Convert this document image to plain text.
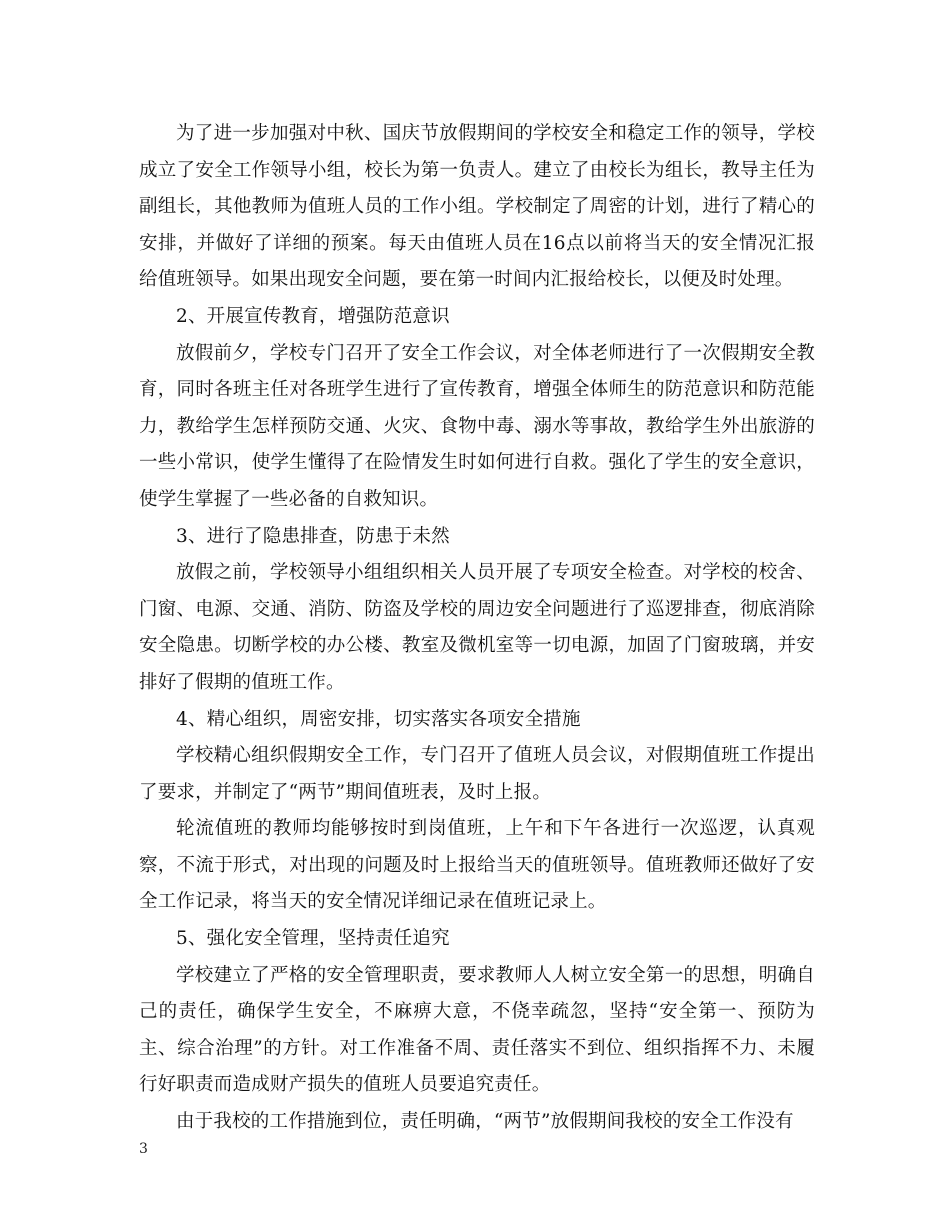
为了进一步加强对中秋、国庆节放假期间的学校安全和稳定工作的领导，学校成立了安全工作领导小组，校长为第一负责人。建立了由校长为组长，教导主任为副组长，其他教师为值班人员的工作小组。学校制定了周密的计划，进行了精心的安排，并做好了详细的预案。每天由值班人员在16点以前将当天的安全情况汇报给值班领导。如果出现安全问题，要在第一时间内汇报给校长，以便及时处理。

2、开展宣传教育，增强防范意识

放假前夕，学校专门召开了安全工作会议，对全体老师进行了一次假期安全教育，同时各班主任对各班学生进行了宣传教育，增强全体师生的防范意识和防范能力，教给学生怎样预防交通、火灾、食物中毒、溺水等事故，教给学生外出旅游的一些小常识，使学生懂得了在险情发生时如何进行自救。强化了学生的安全意识，使学生掌握了一些必备的自救知识。

3、进行了隐患排查，防患于未然

放假之前，学校领导小组组织相关人员开展了专项安全检查。对学校的校舍、门窗、电源、交通、消防、防盗及学校的周边安全问题进行了巡逻排查，彻底消除安全隐患。切断学校的办公楼、教室及微机室等一切电源，加固了门窗玻璃，并安排好了假期的值班工作。

4、精心组织，周密安排，切实落实各项安全措施

学校精心组织假期安全工作，专门召开了值班人员会议，对假期值班工作提出了要求，并制定了“两节”期间值班表，及时上报。

轮流值班的教师均能够按时到岗值班，上午和下午各进行一次巡逻，认真观察，不流于形式，对出现的问题及时上报给当天的值班领导。值班教师还做好了安全工作记录，将当天的安全情况详细记录在值班记录上。

5、强化安全管理，坚持责任追究

学校建立了严格的安全管理职责，要求教师人人树立安全第一的思想，明确自己的责任，确保学生安全，不麻痹大意，不侥幸疏忽，坚持“安全第一、预防为主、综合治理”的方针。对工作准备不周、责任落实不到位、组织指挥不力、未履行好职责而造成财产损失的值班人员要追究责任。

由于我校的工作措施到位，责任明确，“两节”放假期间我校的安全工作没有

3
